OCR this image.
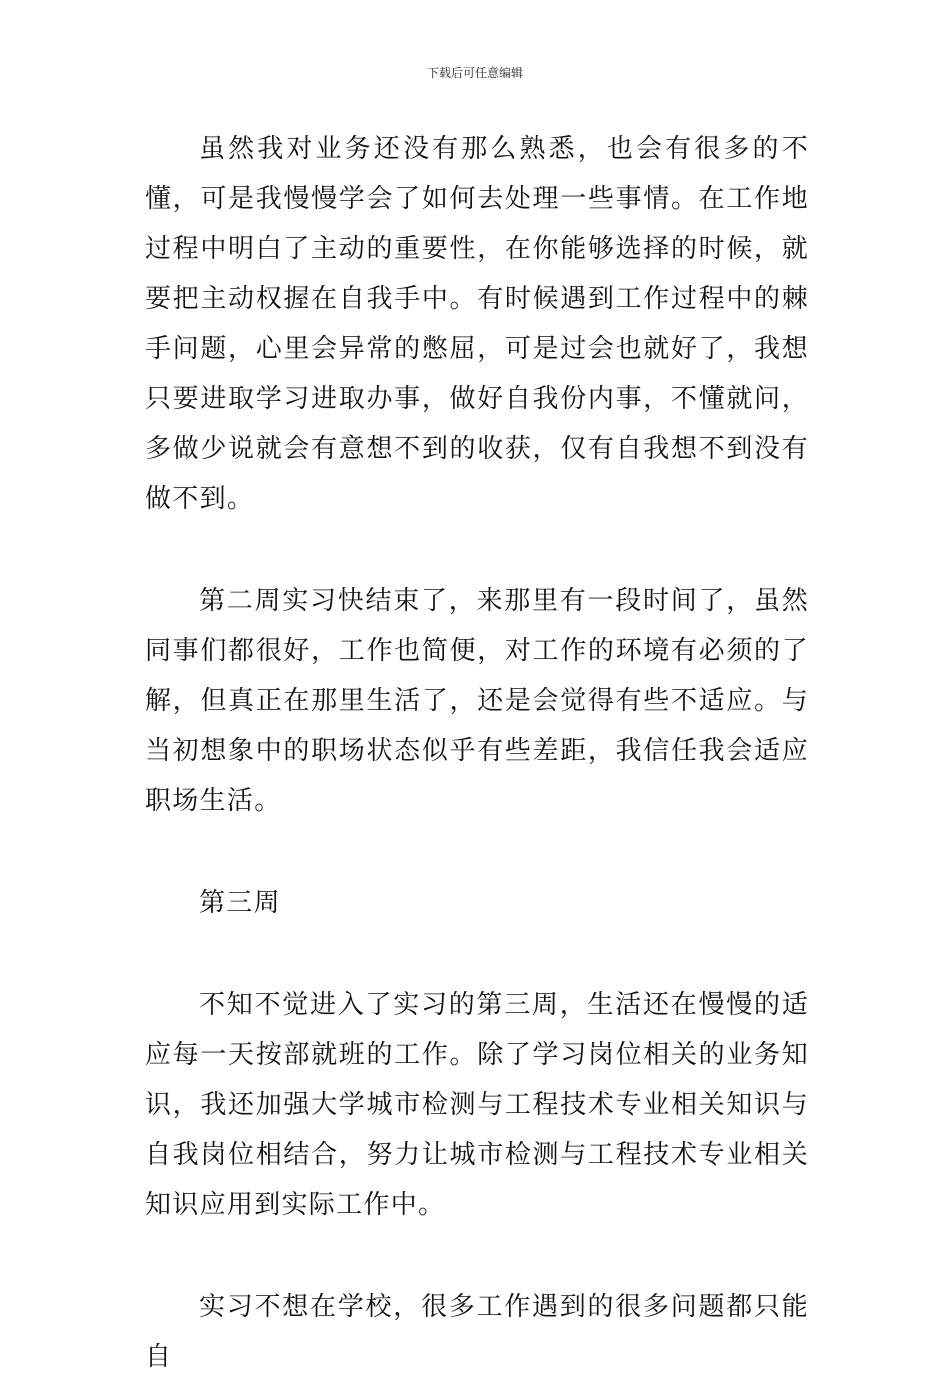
下载后可任意编辑

虽然我对业务还没有那么熟悉，也会有很多的不懂，可是我慢慢学会了如何去处理一些事情。在工作地过程中明白了主动的重要性，在你能够选择的时候，就要把主动权握在自我手中。有时候遇到工作过程中的棘手问题，心里会异常的憋屈，可是过会也就好了，我想只要进取学习进取办事，做好自我份内事，不懂就问，多做少说就会有意想不到的收获，仅有自我想不到没有做不到。

第二周实习快结束了，来那里有一段时间了，虽然同事们都很好，工作也简便，对工作的环境有必须的了解，但真正在那里生活了，还是会觉得有些不适应。与当初想象中的职场状态似乎有些差距，我信任我会适应职场生活。

第三周

不知不觉进入了实习的第三周，生活还在慢慢的适应每一天按部就班的工作。除了学习岗位相关的业务知识，我还加强大学城市检测与工程技术专业相关知识与自我岗位相结合，努力让城市检测与工程技术专业相关知识应用到实际工作中。

实习不想在学校，很多工作遇到的很多问题都只能自
